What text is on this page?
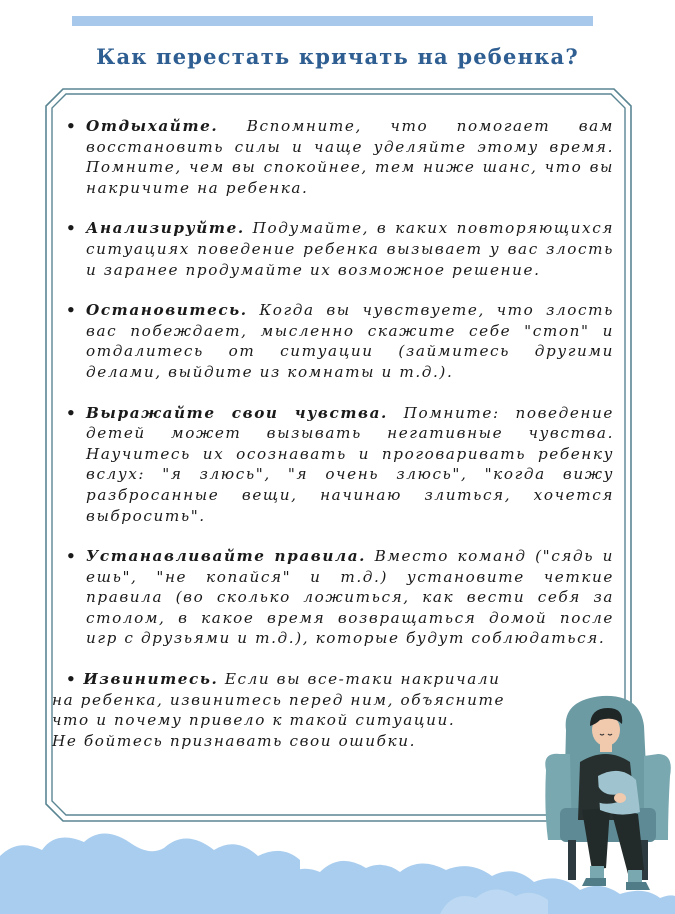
Как перестать кричать на ребенка?
• Отдыхайте. Вспомните, что помогает вам восстановить силы и чаще уделяйте этому время. Помните, чем вы спокойнее, тем ниже шанс, что вы накричите на ребенка.
• Анализируйте. Подумайте, в каких повторяющихся ситуациях поведение ребенка вызывает у вас злость и заранее продумайте их возможное решение.
• Остановитесь. Когда вы чувствуете, что злость вас побеждает, мысленно скажите себе "стоп" и отдалитесь от ситуации (займитесь другими делами, выйдите из комнаты и т.д.).
• Выражайте свои чувства. Помните: поведение детей может вызывать негативные чувства. Научитесь их осознавать и проговаривать ребенку вслух: "я злюсь", "я очень злюсь", "когда вижу разбросанные вещи, начинаю злиться, хочется выбросить".
• Устанавливайте правила. Вместо команд ("сядь и ешь", "не копайся" и т.д.) установите четкие правила (во сколько ложиться, как вести себя за столом, в какое время возвращаться домой после игр с друзьями и т.д.), которые будут соблюдаться.
• Извинитесь. Если вы все-таки накричали
на ребенка, извинитесь перед ним, объясните
что и почему привело к такой ситуации.
Не бойтесь признавать свои ошибки.
